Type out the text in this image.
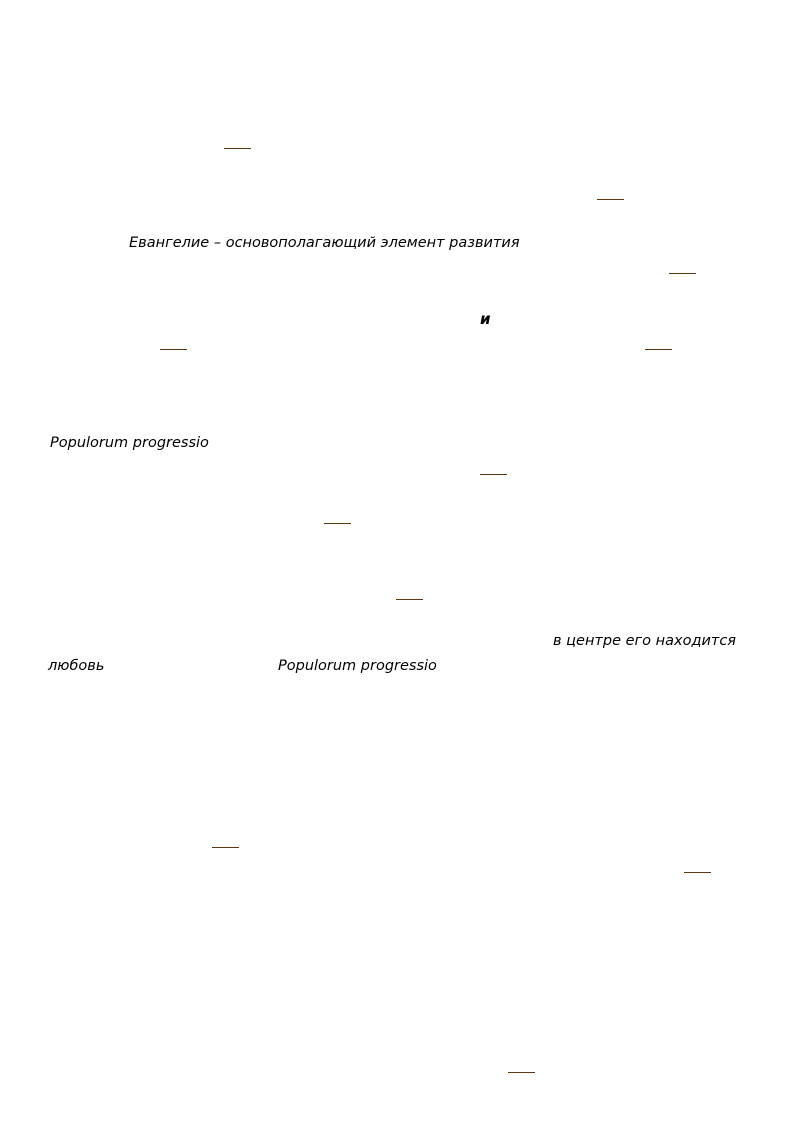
Евангелие – основополагающий элемент развития
и
Populorum progressio
в центре его находится
любовь	Populorum progressio
